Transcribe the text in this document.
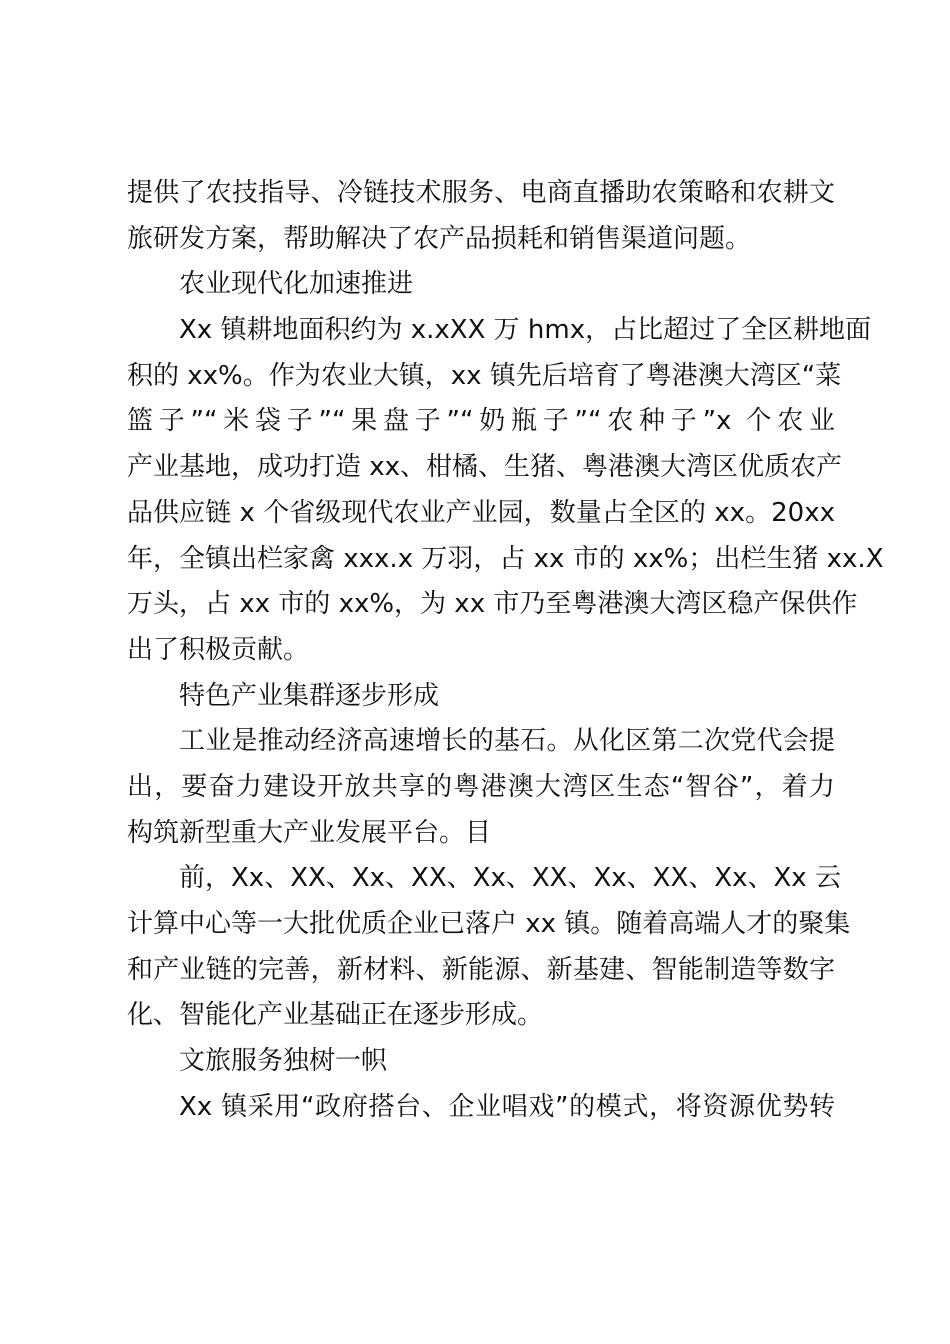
提供了农技指导、冷链技术服务、电商直播助农策略和农耕文
旅研发方案，帮助解决了农产品损耗和销售渠道问题。
农业现代化加速推进
Xx 镇耕地面积约为 x.xXX 万 hmx，占比超过了全区耕地面
积的 xx%。作为农业大镇，xx 镇先后培育了粤港澳大湾区“菜
篮子”“米袋子”“果盘子”“奶瓶子”“农种子”x 个农业
产业基地，成功打造 xx、柑橘、生猪、粤港澳大湾区优质农产
品供应链 x 个省级现代农业产业园，数量占全区的 xx。20xx
年，全镇出栏家禽 xxx.x 万羽，占 xx 市的 xx%；出栏生猪 xx.X
万头，占 xx 市的 xx%，为 xx 市乃至粤港澳大湾区稳产保供作
出了积极贡献。
特色产业集群逐步形成
工业是推动经济高速增长的基石。从化区第二次党代会提
出，要奋力建设开放共享的粤港澳大湾区生态“智谷”，着力
构筑新型重大产业发展平台。目
前，Xx、XX、Xx、XX、Xx、XX、Xx、XX、Xx、Xx 云
计算中心等一大批优质企业已落户 xx 镇。随着高端人才的聚集
和产业链的完善，新材料、新能源、新基建、智能制造等数字
化、智能化产业基础正在逐步形成。
文旅服务独树一帜
Xx 镇采用“政府搭台、企业唱戏”的模式，将资源优势转
